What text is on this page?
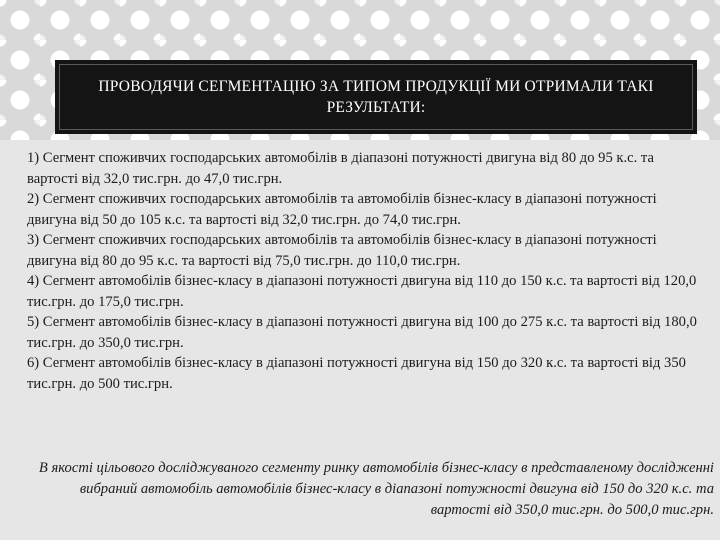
ПРОВОДЯЧИ СЕГМЕНТАЦІЮ ЗА ТИПОМ ПРОДУКЦІЇ МИ ОТРИМАЛИ ТАКІ РЕЗУЛЬТАТИ:
1) Сегмент споживчих господарських автомобілів в діапазоні потужності двигуна від 80 до 95 к.с. та вартості від 32,0 тис.грн. до 47,0 тис.грн.
2) Сегмент споживчих господарських автомобілів та автомобілів бізнес-класу в діапазоні потужності двигуна від 50 до 105 к.с. та вартості від 32,0 тис.грн. до 74,0 тис.грн.
3) Сегмент споживчих господарських автомобілів та автомобілів бізнес-класу в діапазоні потужності двигуна від 80 до 95 к.с. та вартості від 75,0 тис.грн. до 110,0 тис.грн.
4) Сегмент автомобілів бізнес-класу в діапазоні потужності двигуна від 110 до 150 к.с. та вартості від 120,0 тис.грн. до 175,0 тис.грн.
5) Сегмент автомобілів бізнес-класу в діапазоні потужності двигуна від 100 до 275 к.с. та вартості від 180,0 тис.грн. до 350,0 тис.грн.
6) Сегмент автомобілів бізнес-класу в діапазоні потужності двигуна від 150 до 320 к.с. та вартості від 350 тис.грн. до 500 тис.грн.
В якості цільового досліджуваного сегменту ринку автомобілів бізнес-класу в представленому дослідженні вибраний автомобіль автомобілів бізнес-класу в діапазоні потужності двигуна від 150 до 320 к.с. та вартості від 350,0 тис.грн. до 500,0 тис.грн.
